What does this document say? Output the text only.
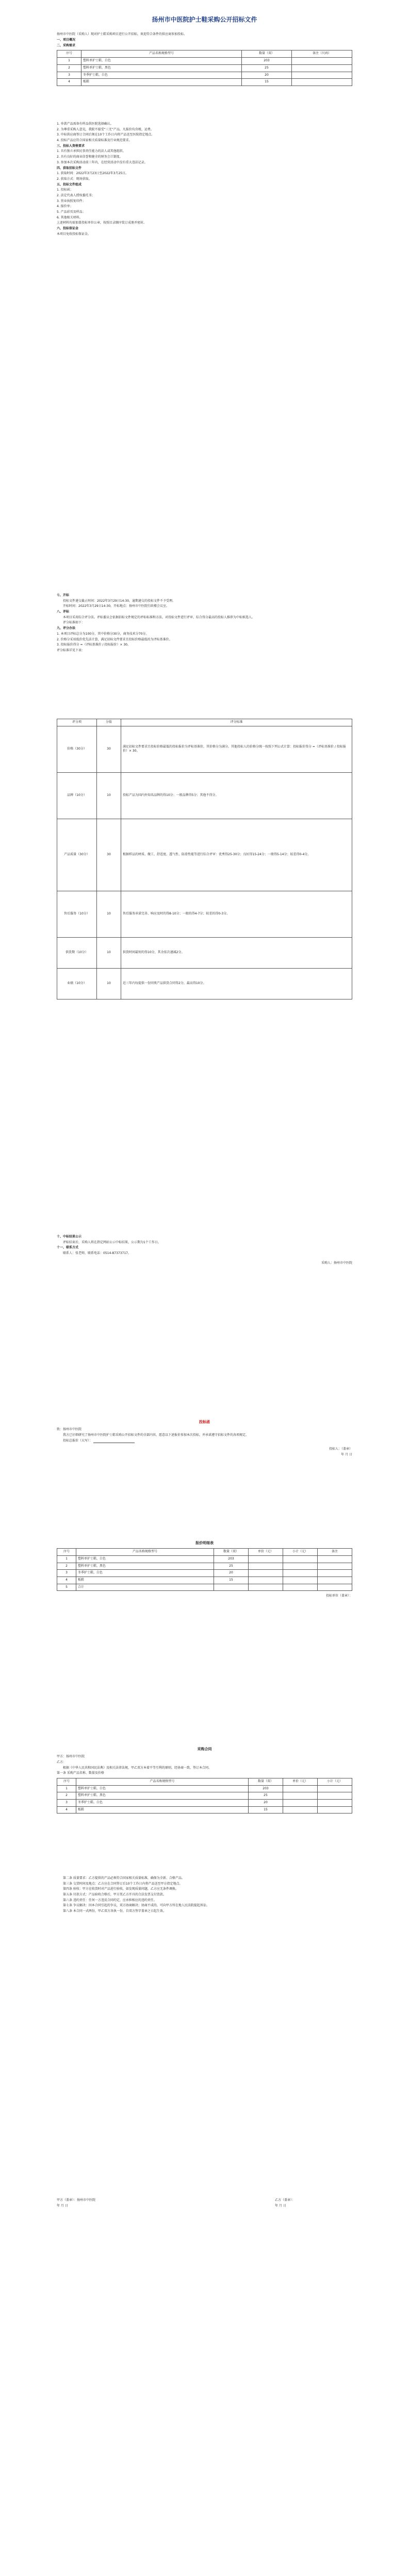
扬州市中医院护士鞋采购公开招标文件
扬州市中医院（采购人）现对护士鞋采购项目进行公开招标，欢迎符合条件的供应商参加投标。
一、项目概况
二、采购需求
序号	产品名称规格型号	数量（双）	备注（尺码）
1	塑料单护士鞋，白色	203	
2	塑料单护士鞋，黑色	25	
3	冬季护士鞋，白色	20	
4	板鞋	15	
1. 单款产品需备有样品供医院选择确认。
2. 为尊重采购人意见，我院不接受“三无”产品，凡报价均含税、运费。
3. 中标供应商签订合同后须在10个工作日内将产品送至医院指定地点。
4. 投标产品应符合国家相关质量标准及行业规范要求。
三、投标人资格要求
1. 具有独立承担民事责任能力的法人或其他组织。
2. 具有良好的商业信誉和健全的财务会计制度。
3. 参加本次采购活动前三年内，在经营活动中没有重大违法记录。
四、获取招标文件
1. 获取时间：2022年3月23日至2022年3月25日。
2. 获取方式：现场获取。
五、投标文件组成
1. 投标函；
2. 法定代表人授权委托书；
3. 营业执照复印件；
4. 报价单；
5. 产品彩页及样品；
6. 其他相关材料。
上述材料均需加盖投标单位公章，按照目录顺序装订成册并密封。
六、投标保证金
本项目免收投标保证金。
七、开标
投标文件递交截止时间：2022年3月29日14:30，逾期递交的投标文件不予受理。
开标时间：2022年3月29日14:30，开标地点：扬州市中医院行政楼会议室。
八、评标
本项目采用综合评分法。评标委员会依据招标文件规定的评标标准和方法，对投标文件进行评审，综合得分最高的投标人推荐为中标候选人。
评分标准如下：
九、评分办法
1. 本项目评标总分为100分，其中价格分30分，商务技术分70分。
2. 价格分采用低价优先法计算，满足招标文件要求且投标价格最低的为评标基准价。
3. 投标报价得分 =（评标基准价 / 投标报价）× 30。
评分标准详见下表：
评分项	分值	评分标准
价格（30分）	30	满足招标文件要求且投标价格最低的投标报价为评标基准价，其价格分为满分。其他投标人的价格分统一按照下列公式计算：投标报价得分 =（评标基准价 / 投标报价）× 30。
品牌（10分）	10	投标产品为国内外知名品牌的得10分；一般品牌得5分；其他不得分。
产品质量（30分）	30	根据样品的材质、做工、舒适度、透气性、防滑性能等进行综合评审：优秀得25-30分；良好得15-24分；一般得5-14分；较差得0-4分。
售后服务（10分）	10	售后服务承诺完善、响应及时的得8-10分；一般的得4-7分；较差的得0-3分。
供货期（10分）	10	供货时间最短的得10分，其余依次递减2分。
业绩（10分）	10	近三年内每提供一份同类产品供货合同得2分，最高得10分。
十、中标结果公示
评标结束后，采购人将在指定网站公示中标结果，公示期为1个工作日。
十一、联系方式
联系人：张老师，联系电话：0514-87373717。
采购人：扬州市中医院
投标函
致：扬州市中医院
我方已仔细研究了扬州市中医院护士鞋采购公开招标文件的全部内容，愿意以下述报价参加本次投标，并承诺遵守招标文件的各项规定。
投标总报价（大写）：
投标人：（盖章）
年 月 日
报价明细表
序号	产品名称规格型号	数量（双）	单价（元）	小计（元）	备注
1	塑料单护士鞋，白色	203			
2	塑料单护士鞋，黑色	25			
3	冬季护士鞋，白色	20			
4	板鞋	15			
5	合计				
投标单位（盖章）：
采购合同
甲方：扬州市中医院
乙方：
根据《中华人民共和国民法典》及相关法律法规，甲乙双方本着平等互利的原则，经协商一致，签订本合同。
第一条 采购产品名称、数量及价格
序号	产品名称规格型号	数量（双）	单价（元）	小计（元）
1	塑料单护士鞋，白色	203		
2	塑料单护士鞋，黑色	25		
3	冬季护士鞋，白色	20		
4	板鞋	15		
第二条 质量要求：乙方提供的产品必须符合国家相关质量标准，确保为全新、合格产品。
第三条 交货时间及地点：乙方应在合同签订后10个工作日内将产品送至甲方指定地点。
第四条 验收：甲方在收货时对产品进行验收，如发现质量问题，乙方应无条件调换。
第五条 付款方式：产品验收合格后，甲方凭乙方开具的合法发票支付货款。
第六条 违约责任：任何一方违反合同约定，应承担相应的违约责任。
第七条 争议解决：因本合同引起的争议，双方协商解决；协商不成的，可向甲方所在地人民法院提起诉讼。
第八条 本合同一式两份，甲乙双方各执一份，自双方签字盖章之日起生效。
甲方（盖章）：扬州市中医院
年 月 日
乙方（盖章）：
年 月 日
